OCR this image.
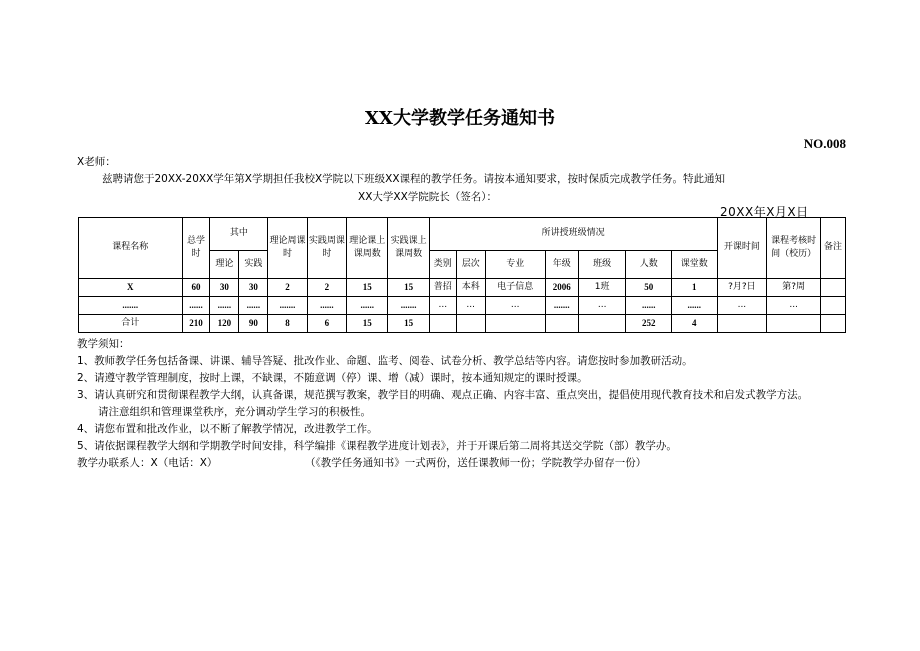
XX大学教学任务通知书
NO.008
X老师：
兹聘请您于20XX-20XX学年第X学期担任我校X学院以下班级XX课程的教学任务。请按本通知要求，按时保质完成教学任务。特此通知
XX大学XX学院院长（签名）：
20XX年X月X日
课程名称	总学时	其中		理论周课时	实践周课时	理论课上课周数	实践课上课周数	所讲授班级情况							开课时间	课程考核时间（校历）	备注
		理论	实践					类别	层次	专业	年级	班级	人数	课堂数			
X	60	30	30	2	2	15	15	普招	本科	电子信息	2006	1班	50	1	?月?日	第?周	
.......	......	......	......	.......	......	......	.......	...	...	...	.......	...	......	......	...	...	
合计	210	120	90	8	6	15	15						252	4			
教学须知：
1、教师教学任务包括备课、讲课、辅导答疑、批改作业、命题、监考、阅卷、试卷分析、教学总结等内容。请您按时参加教研活动。
2、请遵守教学管理制度，按时上课，不缺课，不随意调（停）课、增（减）课时，按本通知规定的课时授课。
3、请认真研究和贯彻课程教学大纲，认真备课，规范撰写教案，教学目的明确、观点正确、内容丰富、重点突出，提倡使用现代教育技术和启发式教学方法。
请注意组织和管理课堂秩序，充分调动学生学习的积极性。
4、请您布置和批改作业，以不断了解教学情况，改进教学工作。
5、请依据课程教学大纲和学期教学时间安排，科学编排《课程教学进度计划表》，并于开课后第二周将其送交学院（部）教学办。
教学办联系人：X（电话：X）	（《教学任务通知书》一式两份，送任课教师一份；学院教学办留存一份）
